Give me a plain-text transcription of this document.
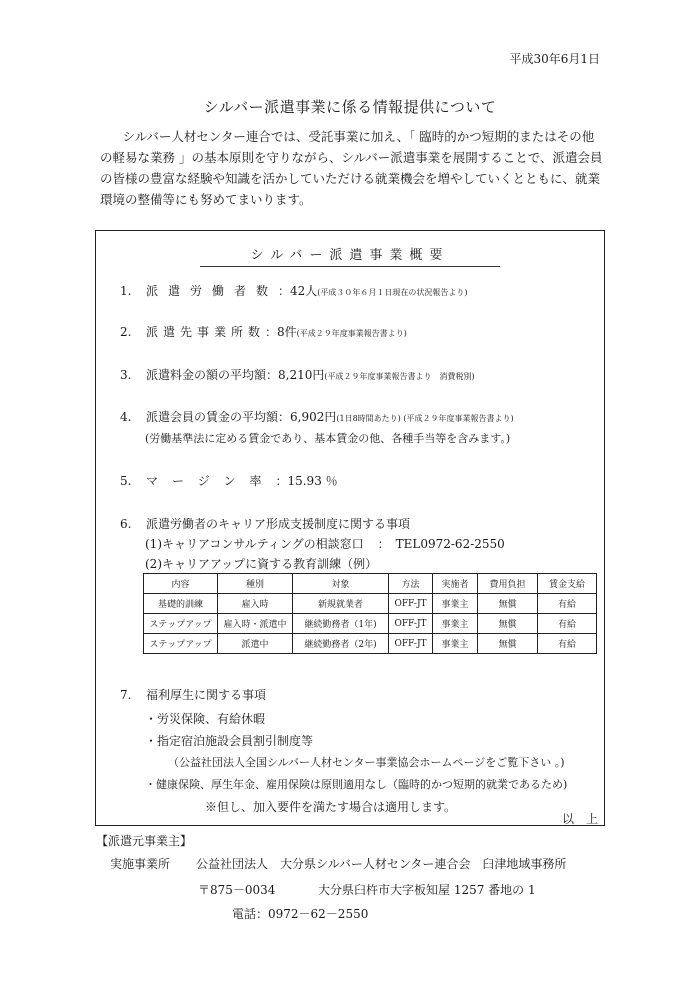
平成30年6月1日
シルバー派遣事業に係る情報提供について

シルバー人材センター連合では、受託事業に加え、「 臨時的かつ短期的またはその他の軽易な業務 」の基本原則を守りながら、シルバー派遣事業を展開することで、派遣会員の皆様の豊富な経験や知識を活かしていただける就業機会を増やしていくとともに、就業環境の整備等にも努めてまいります。

シルバー派遣事業概要
1. 派遣労働者数：42人(平成３０年６月１日現在の状況報告より)
2. 派遣先事業所数：8件(平成２９年度事業報告書より)
3. 派遣料金の額の平均額：8,210円(平成２９年度事業報告書より　消費税別)
4. 派遣会員の賃金の平均額：6,902円(1日8時間あたり) (平成２９年度事業報告書より)
(労働基準法に定める賃金であり、基本賃金の他、各種手当等を含みます。)
5. マージン率：15.93 ％
6. 派遣労働者のキャリア形成支援制度に関する事項
(1)キャリアコンサルティングの相談窓口 ：　TEL0972-62-2550
(2)キャリアアップに資する教育訓練（例）
内容	種別	対象	方法	実施者	費用負担	賃金支給
基礎的訓練	雇入時	新規就業者	OFF-JT	事業主	無償	有給
ステップアップ	雇入時・派遣中	継続勤務者（1年)	OFF-JT	事業主	無償	有給
ステップアップ	派遣中	継続勤務者（2年)	OFF-JT	事業主	無償	有給
7. 福利厚生に関する事項
・労災保険、有給休暇
・指定宿泊施設会員割引制度等
（公益社団法人全国シルバー人材センター事業協会ホームページをご覧下さい 。)
・健康保険、厚生年金、雇用保険は原則適用なし（臨時的かつ短期的就業であるため)
※但し、加入要件を満たす場合は適用します。
以　上
【派遣元事業主】
実施事業所 公益社団法人　大分県シルバー人材センター連合会　臼津地域事務所
〒875－0034	大分県臼杵市大字板知屋 1257 番地の 1
電話：0972－62－2550
